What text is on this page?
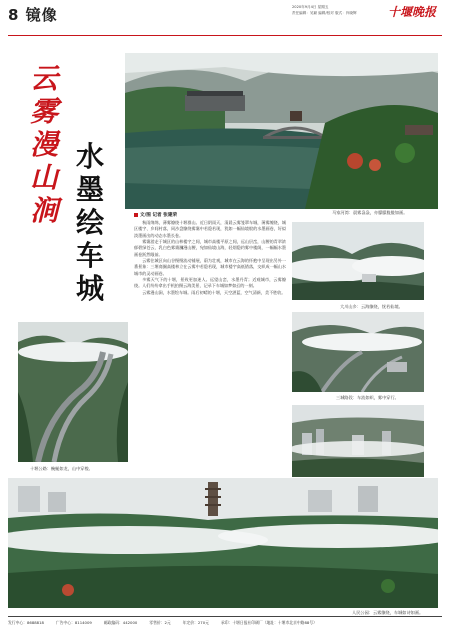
8 镜像	2020年9月4日 星期五
责任编辑：吴颖 编辑/校对 版式：肖晓辉	十堰晚报
马家河湾：晨雾袅袅，亦朦朦胧胧如画。
云
雾
漫
山
涧
水
墨
绘
车
城
文/图 记者 张建荣

秋雨绵绵，薄雾缭绕十堰群山。近日阴雨天，清晨云雾笼罩车城，薄雾缠绕，城区楼宇、乡间村落，同沙盘缭绕雾霭中若隐若现，犹如一幅仙境般的水墨画卷，好似淡墨画出的动态水墨长卷。

雾霭游走于城区的山林楼宇之间，城市高楼平原之间，远山层峦，山腰的青翠浓郁碧绿苍云，乳白色雾霭瀰漫山腰，宛如仙境山海，轻烟隐约雾中楼阁，一幅幅水墨画卷跃然眼前。

云雾往城区向山谷慢慢流动铺展，蔚为壮观，城市在云海的怀抱中呈现出另外一番景象：三堰商圈高楼林立在云雾中若隐若现，城市楼宇高低错落，交织成一幅山水城市的灵动画卷。

多雾天气下的十堰，景致更加迷人。远望山峦，水墨丹青；近观城市，云雾缭绕。人们纷纷拿出手机拍摄云海美景，记录下车城如梦如幻的一刻。

云雾漫山涧，水墨绘车城。雨后初晴的十堰，天空湛蓝，空气清新，美不胜收。

大川山乡：云海缭绕，恍若仙境。
三城路段：车流如织，雾中穿行。
十堰公路：蜿蜒如龙，山中穿梭。
人民公园：云雾缭绕，车城如诗如画。
发行中心：8688818	广告中心：8114009	邮政编码：442000	零售价：2元	年定价：270元	承印：十堰日报社印刷厂（地址：十堰市北京中路88号）
